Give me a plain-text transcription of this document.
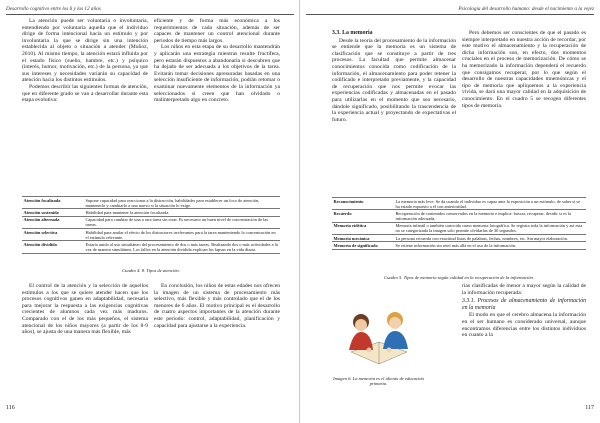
Desarrollo cognitivo entre los 6 y los 12 años

La atención puede ser voluntaria o involuntaria, entendiendo por voluntaria aquella que el individuo dirige de forma intencional hacia un estímulo y por involuntaria la que se dirige sin una intención establecida al objeto o situación a atender (Muñoz, 2010). Al mismo tiempo, la atención estará influida por el estado físico (sueño, hambre, etc.) y psíquico (interés, humor, motivación, etc.) de la persona, ya que sus intereses y necesidades variarán su capacidad de atención hacia los distintos estímulos.

Podemos describir las siguientes formas de atención, que en diferente grado se van a desarrollar durante esta etapa evolutiva:

eficiente y de forma más económica a los requerimientos de cada situación, además de ser capaces de mantener un control atencional durante periodos de tiempo más largos.

Los niños en esta etapa de su desarrollo mantendrán y aplicarán una estrategia mientras resulte fructífera, pero estarán dispuestos a abandonarla si descubren que ha dejado de ser adecuada a los objetivos de la tarea. Evitarán tomar decisiones apresuradas basadas en una selección insuficiente de información, podrán retomar o examinar nuevamente elementos de la información ya seleccionados si creen que han olvidado o malinterpretado algo en concreto.

Atención focalizada	Supone capacidad para reaccionar a la distracción, habilidades para establecer un foco de atención, mantenerlo y cambiarlo a uno nuevo si la situación lo exige.
Atención sostenida	Habilidad para mantener la atención focalizada.
Atención alternada	Capacidad para cambiar de una a otra tarea sin errar. Es necesario un buen nivel de concentración de las tareas.
Atención selectiva	Habilidad para anular el efecto de los distractores irrelevantes para la tarea manteniendo la concentración en el estímulo relevante.
Atención dividida	Estaría unido al uso simultáneo del procesamiento de dos o más tareas. Realizando dos o más actividades a la vez de manera simultánea. Los fallos en la atención dividida explican los lapsus en la vida diaria.
Cuadro 4. 8. Tipos de atención.

El control de la atención y la selección de aquellos estímulos a los que se quiere atender hacen que los procesos cognitivos ganen en adaptabilidad, necesaria para mejorar la respuesta a las exigencias cognitivas crecientes de alumnos cada vez más maduros. Comparado con el de los más pequeños, el sistema atencional de los niños mayores (a partir de los 8-9 años), se ajusta de una manera más flexible, más

En conclusión, los niños de estas edades nos ofrecen la imagen de un sistema de procesamiento más selectivo, más flexible y más controlado que el de los menores de 6 años. El motivo principal es el desarrollo de cuatro aspectos importantes de la atención durante este periodo: control, adaptabilidad, planificación y capacidad para ajustarse a la experiencia.

116
Psicología del desarrollo humano: desde el nacimiento a la vejez
3.3. La memoria

Desde la teoría del procesamiento de la información se entiende que la memoria es un sistema de clasificación que se constituye a partir de tres procesos. La facultad que permite almacenar conocimientos conocida como codificación de la información, el almacenamiento para poder retener la codificado e interpretado previamente, y la capacidad de recuperación que nos permite evocar las experiencias codificadas y almacenadas en el pasado para utilizarlas en el momento que sea necesario, dándole significado, posibilitando la trascendencia de la experiencia actual y proyectando de expectativas el futuro.

Pero debemos ser conscientes de que el pasado es siempre interpretado en nuestra acción de recordar, por este motivo el almacenamiento y la recuperación de dicha información son, en efecto, dos momentos cruciales en el proceso de memorización. De cómo se ha memorizado la información dependerá el recuerdo que consigamos recuperar, por lo que según el desarrollo de nuestras capacidades mnemónicas y el tipo de memoria que apliquemos a la experiencia vivida, se dará una mayor calidad en la adquisición de conocimiento. En el cuadro 5 se recogen diferentes tipos de memoria.

Reconocimiento	La memoria más leve. Se da cuando el individuo es capaz ante la exposición a un estímulo, de saber si se ha estado expuesto a él con anterioridad.
Recuerdo	Recuperación de contenidos conservados en la memoria e implica: buscar, recuperar, decidir si es la información adecuada.
Memoria eidética	Memoria infantil o también conocida como memoria fotográfica. Se registra toda la información y así esta no se categorizada la imagen solo permite olvidarlas de 30 segundos.
Memoria mecánica	La persona recuerda con exactitud listas de palabras, fechas, nombres, etc. Sin mayor elaboración.
Memoria de significado	Se retiene información sin retel más allá en el uso de la información.
Cuadro 5. Tipos de memoria según calidad en la recuperación de la información.
Imagen 6. La memoria es el aliento de educación primaria.

rías clasificadas de menor a mayor según la calidad de la información recuperada:

3.3.1. Procesos de almacenamiento de información en la memoria

El modo en que el cerebro almacena la información en el ser humano es considerado universal, aunque encontramos diferencias entre los distintos individuos en cuanto a la

117
